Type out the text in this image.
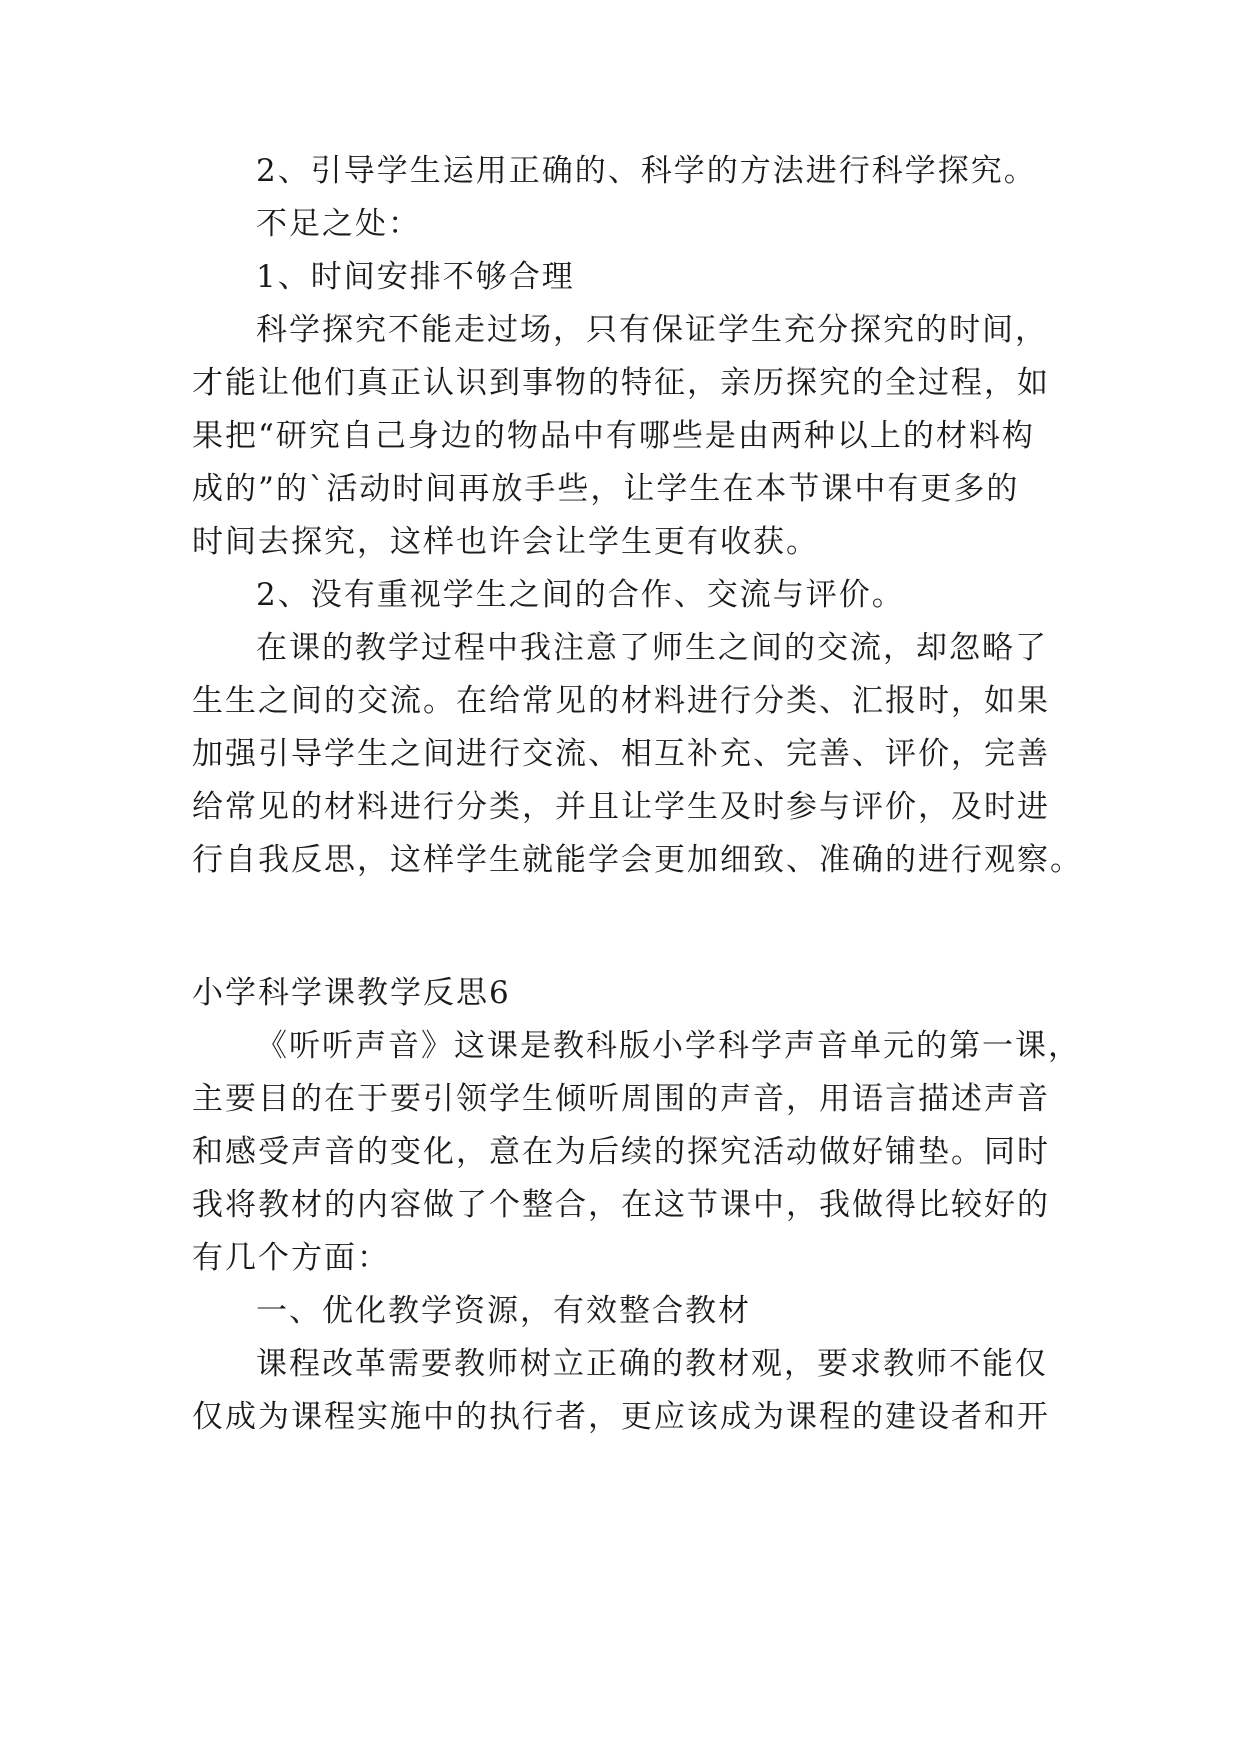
2、引导学生运用正确的、科学的方法进行科学探究。
不足之处：
1、时间安排不够合理
科学探究不能走过场，只有保证学生充分探究的时间，
才能让他们真正认识到事物的特征，亲历探究的全过程，如
果把“研究自己身边的物品中有哪些是由两种以上的材料构
成的”的`活动时间再放手些，让学生在本节课中有更多的
时间去探究，这样也许会让学生更有收获。
2、没有重视学生之间的合作、交流与评价。
在课的教学过程中我注意了师生之间的交流，却忽略了
生生之间的交流。在给常见的材料进行分类、汇报时，如果
加强引导学生之间进行交流、相互补充、完善、评价，完善
给常见的材料进行分类，并且让学生及时参与评价，及时进
行自我反思，这样学生就能学会更加细致、准确的进行观察。
小学科学课教学反思6
《听听声音》这课是教科版小学科学声音单元的第一课，
主要目的在于要引领学生倾听周围的声音，用语言描述声音
和感受声音的变化，意在为后续的探究活动做好铺垫。同时
我将教材的内容做了个整合，在这节课中，我做得比较好的
有几个方面：
一、优化教学资源，有效整合教材
课程改革需要教师树立正确的教材观，要求教师不能仅
仅成为课程实施中的执行者，更应该成为课程的建设者和开
